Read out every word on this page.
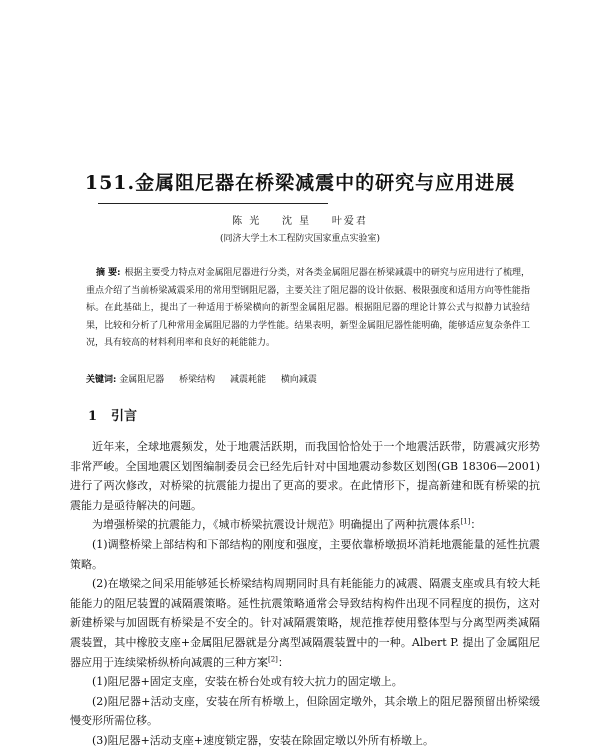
151.金属阻尼器在桥梁减震中的研究与应用进展
陈 光 沈 星 叶爱君
(同济大学土木工程防灾国家重点实验室)
摘 要: 根据主要受力特点对金属阻尼器进行分类，对各类金属阻尼器在桥梁减震中的研究与应用进行了梳理，重点介绍了当前桥梁减震采用的常用型钢阻尼器，主要关注了阻尼器的设计依据、极限强度和适用方向等性能指标。在此基础上，提出了一种适用于桥梁横向的新型金属阻尼器。根据阻尼器的理论计算公式与拟静力试验结果，比较和分析了几种常用金属阻尼器的力学性能。结果表明，新型金属阻尼器性能明确，能够适应复杂条件工况，具有较高的材料利用率和良好的耗能能力。
关键词: 金属阻尼器 桥梁结构 减震耗能 横向减震
1 引言

近年来，全球地震频发，处于地震活跃期，而我国恰恰处于一个地震活跃带，防震减灾形势非常严峻。全国地震区划图编制委员会已经先后针对中国地震动参数区划图(GB 18306—2001)进行了两次修改，对桥梁的抗震能力提出了更高的要求。在此情形下，提高新建和既有桥梁的抗震能力是亟待解决的问题。

为增强桥梁的抗震能力，《城市桥梁抗震设计规范》明确提出了两种抗震体系[1]：

(1)调整桥梁上部结构和下部结构的刚度和强度，主要依靠桥墩损坏消耗地震能量的延性抗震策略。

(2)在墩梁之间采用能够延长桥梁结构周期同时具有耗能能力的减震、隔震支座或具有较大耗能能力的阻尼装置的减隔震策略。延性抗震策略通常会导致结构构件出现不同程度的损伤，这对新建桥梁与加固既有桥梁是不安全的。针对减隔震策略，规范推荐使用整体型与分离型两类减隔震装置，其中橡胶支座+金属阻尼器就是分离型减隔震装置中的一种。Albert P. 提出了金属阻尼器应用于连续梁桥纵桥向减震的三种方案[2]：

(1)阻尼器+固定支座，安装在桥台处或有较大抗力的固定墩上。

(2)阻尼器+活动支座，安装在所有桥墩上，但除固定墩外，其余墩上的阻尼器预留出桥梁缓慢变形所需位移。

(3)阻尼器+活动支座+速度锁定器，安装在除固定墩以外所有桥墩上。
